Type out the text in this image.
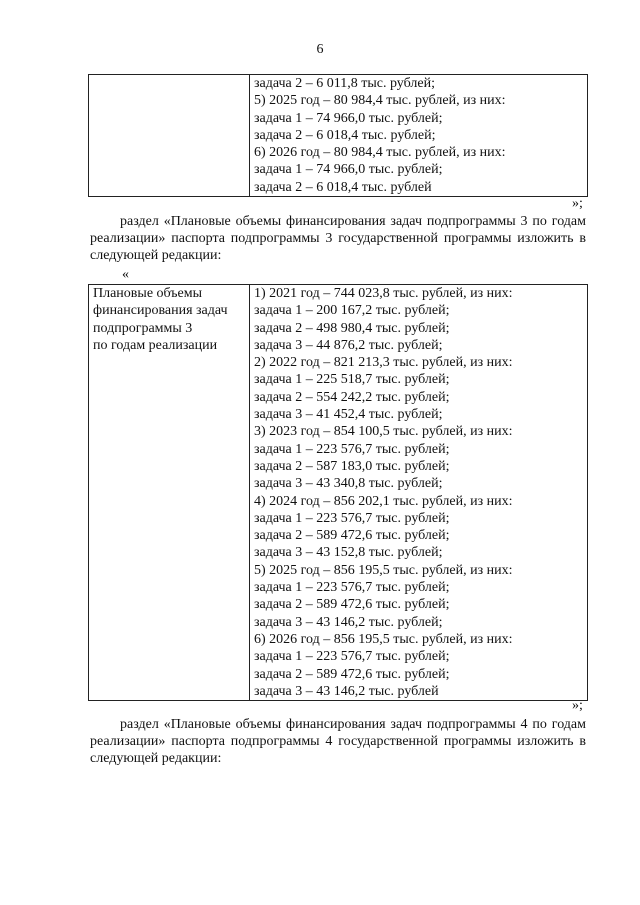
6

задача 2 – 6 011,8 тыс. рублей;
5) 2025 год – 80 984,4 тыс. рублей, из них:
задача 1 – 74 966,0 тыс. рублей;
задача 2 – 6 018,4 тыс. рублей;
6) 2026 год – 80 984,4 тыс. рублей, из них:
задача 1 – 74 966,0 тыс. рублей;
задача 2 – 6 018,4 тыс. рублей
»;
раздел «Плановые объемы финансирования задач подпрограммы 3 по годам реализации» паспорта подпрограммы 3 государственной программы изложить в следующей редакции:
«
Плановые объемы
финансирования задач
подпрограммы 3
по годам реализации

1) 2021 год – 744 023,8 тыс. рублей, из них:
задача 1 – 200 167,2 тыс. рублей;
задача 2 – 498 980,4 тыс. рублей;
задача 3 – 44 876,2 тыс. рублей;
2) 2022 год – 821 213,3 тыс. рублей, из них:
задача 1 – 225 518,7 тыс. рублей;
задача 2 – 554 242,2 тыс. рублей;
задача 3 – 41 452,4 тыс. рублей;
3) 2023 год – 854 100,5 тыс. рублей, из них:
задача 1 – 223 576,7 тыс. рублей;
задача 2 – 587 183,0 тыс. рублей;
задача 3 – 43 340,8 тыс. рублей;
4) 2024 год – 856 202,1 тыс. рублей, из них:
задача 1 – 223 576,7 тыс. рублей;
задача 2 – 589 472,6 тыс. рублей;
задача 3 – 43 152,8 тыс. рублей;
5) 2025 год – 856 195,5 тыс. рублей, из них:
задача 1 – 223 576,7 тыс. рублей;
задача 2 – 589 472,6 тыс. рублей;
задача 3 – 43 146,2 тыс. рублей;
6) 2026 год – 856 195,5 тыс. рублей, из них:
задача 1 – 223 576,7 тыс. рублей;
задача 2 – 589 472,6 тыс. рублей;
задача 3 – 43 146,2 тыс. рублей
»;
раздел «Плановые объемы финансирования задач подпрограммы 4 по годам реализации» паспорта подпрограммы 4 государственной программы изложить в следующей редакции:
